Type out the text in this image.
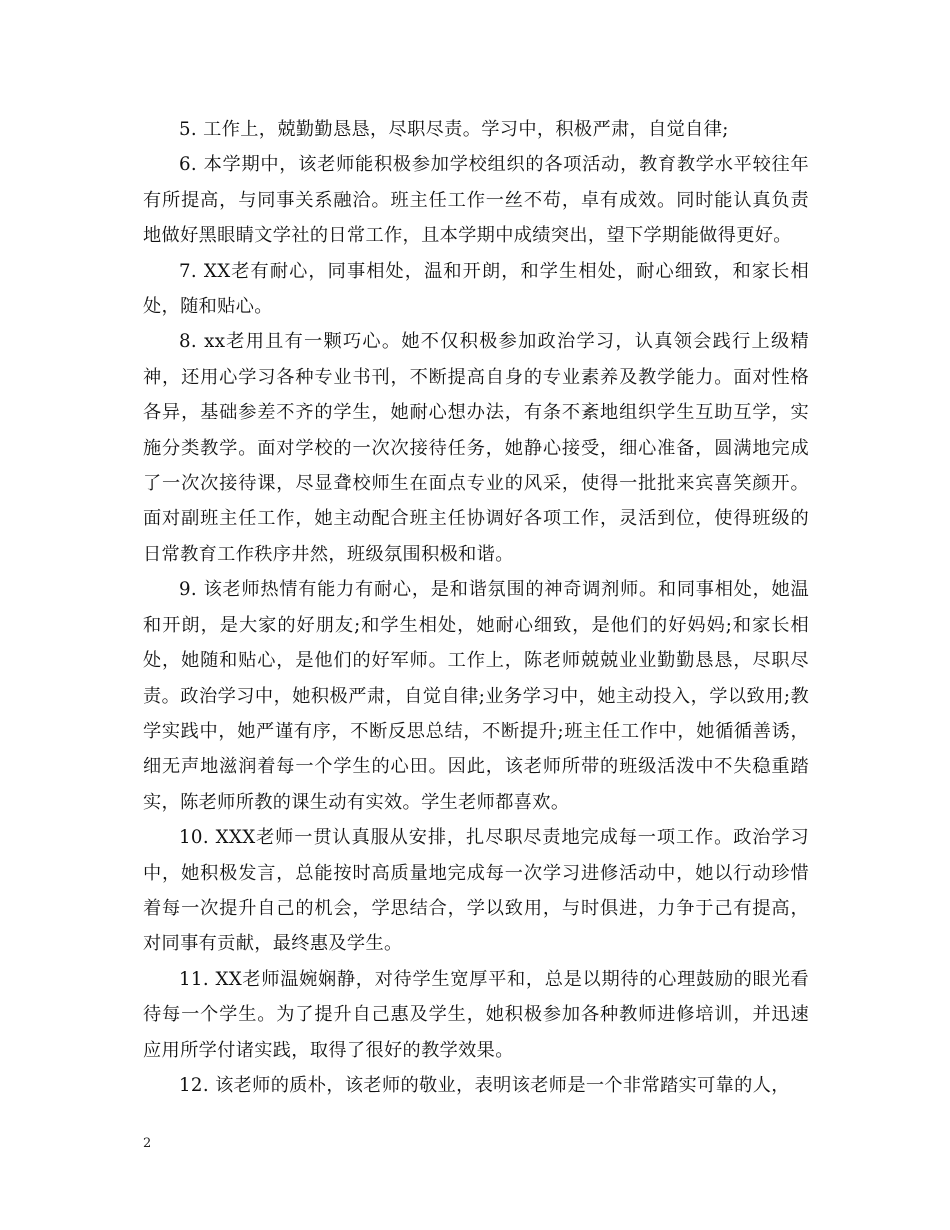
5. 工作上，兢勤勤恳恳，尽职尽责。学习中，积极严肃，自觉自律;

6. 本学期中，该老师能积极参加学校组织的各项活动，教育教学水平较往年有所提高，与同事关系融洽。班主任工作一丝不苟，卓有成效。同时能认真负责地做好黑眼睛文学社的日常工作，且本学期中成绩突出，望下学期能做得更好。

7. XX老有耐心，同事相处，温和开朗，和学生相处，耐心细致，和家长相处，随和贴心。

8. xx老用且有一颗巧心。她不仅积极参加政治学习，认真领会践行上级精神，还用心学习各种专业书刊，不断提高自身的专业素养及教学能力。面对性格各异，基础参差不齐的学生，她耐心想办法，有条不紊地组织学生互助互学，实施分类教学。面对学校的一次次接待任务，她静心接受，细心准备，圆满地完成了一次次接待课，尽显聋校师生在面点专业的风采，使得一批批来宾喜笑颜开。面对副班主任工作，她主动配合班主任协调好各项工作，灵活到位，使得班级的日常教育工作秩序井然，班级氛围积极和谐。

9. 该老师热情有能力有耐心，是和谐氛围的神奇调剂师。和同事相处，她温和开朗，是大家的好朋友;和学生相处，她耐心细致，是他们的好妈妈;和家长相处，她随和贴心，是他们的好军师。工作上，陈老师兢兢业业勤勤恳恳，尽职尽责。政治学习中，她积极严肃，自觉自律;业务学习中，她主动投入，学以致用;教学实践中，她严谨有序，不断反思总结，不断提升;班主任工作中，她循循善诱，细无声地滋润着每一个学生的心田。因此，该老师所带的班级活泼中不失稳重踏实，陈老师所教的课生动有实效。学生老师都喜欢。

10. XXX老师一贯认真服从安排，扎尽职尽责地完成每一项工作。政治学习中，她积极发言，总能按时高质量地完成每一次学习进修活动中，她以行动珍惜着每一次提升自己的机会，学思结合，学以致用，与时俱进，力争于己有提高，对同事有贡献，最终惠及学生。

11. XX老师温婉娴静，对待学生宽厚平和，总是以期待的心理鼓励的眼光看待每一个学生。为了提升自己惠及学生，她积极参加各种教师进修培训，并迅速应用所学付诸实践，取得了很好的教学效果。

12. 该老师的质朴，该老师的敬业，表明该老师是一个非常踏实可靠的人，

2
